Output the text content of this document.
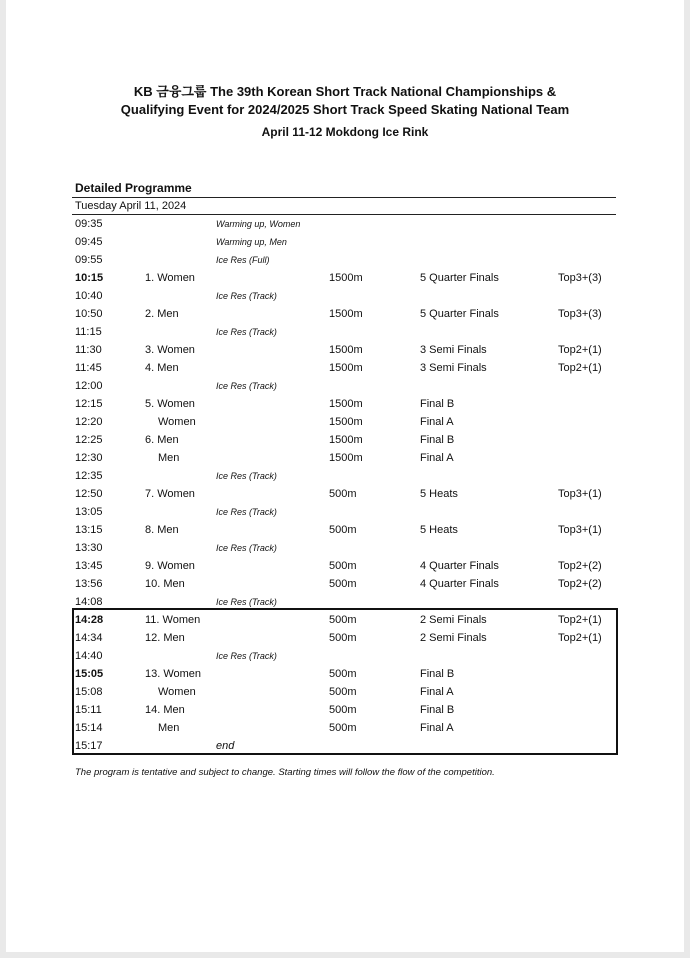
KB 금융그룹 The 39th Korean Short Track National Championships &
Qualifying Event for 2024/2025 Short Track Speed Skating National Team
April 11-12 Mokdong Ice Rink
Detailed Programme
Tuesday April 11, 2024
09:35	Warming up, Women
09:45	Warming up, Men
09:55	Ice Res (Full)
10:15	1. Women	1500m	5 Quarter Finals	Top3+(3)
10:40	Ice Res (Track)
10:50	2. Men	1500m	5 Quarter Finals	Top3+(3)
11:15	Ice Res (Track)
11:30	3. Women	1500m	3 Semi Finals	Top2+(1)
11:45	4. Men	1500m	3 Semi Finals	Top2+(1)
12:00	Ice Res (Track)
12:15	5. Women	1500m	Final B
12:20	Women	1500m	Final A
12:25	6. Men	1500m	Final B
12:30	Men	1500m	Final A
12:35	Ice Res (Track)
12:50	7. Women	500m	5 Heats	Top3+(1)
13:05	Ice Res (Track)
13:15	8. Men	500m	5 Heats	Top3+(1)
13:30	Ice Res (Track)
13:45	9. Women	500m	4 Quarter Finals	Top2+(2)
13:56	10. Men	500m	4 Quarter Finals	Top2+(2)
14:08	Ice Res (Track)
14:28	11. Women	500m	2 Semi Finals	Top2+(1)
14:34	12. Men	500m	2 Semi Finals	Top2+(1)
14:40	Ice Res (Track)
15:05	13. Women	500m	Final B
15:08	Women	500m	Final A
15:11	14. Men	500m	Final B
15:14	Men	500m	Final A
15:17	end
The program is tentative and subject to change. Starting times will follow the flow of the competition.
